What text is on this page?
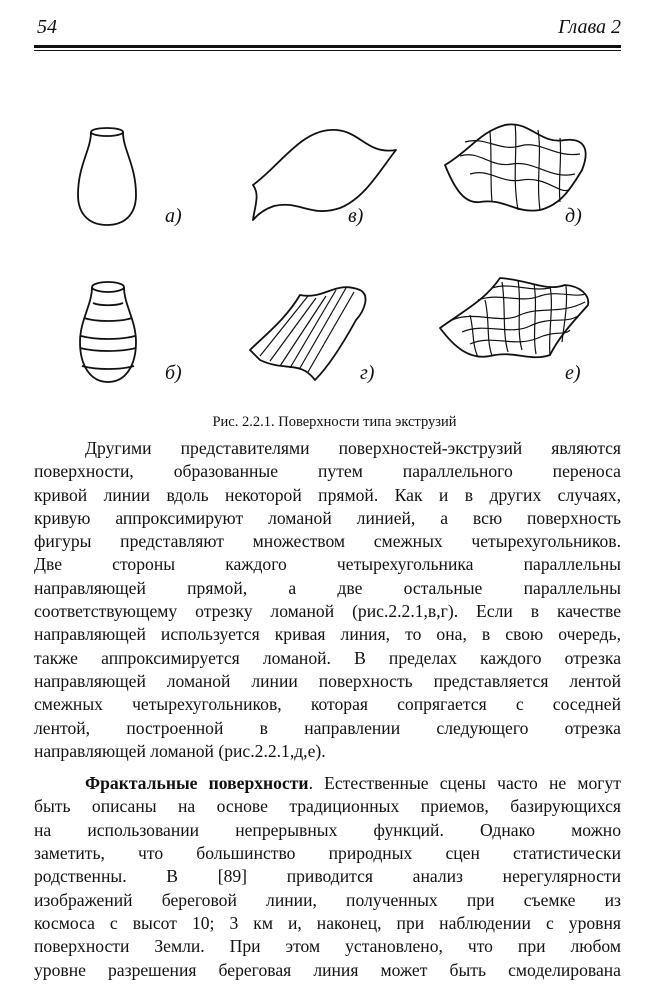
54	Глава 2
а)
б)
в)
г)
д)
е)
Рис. 2.2.1. Поверхности типа экструзий

Другими представителями поверхностей-экструзий являются

поверхности, образованные путем параллельного переноса

кривой линии вдоль некоторой прямой. Как и в других случаях,

кривую аппроксимируют ломаной линией, а всю поверхность

фигуры представляют множеством смежных четырехугольников.

Две стороны каждого четырехугольника параллельны

направляющей прямой, а две остальные параллельны

соответствующему отрезку ломаной (рис.2.2.1,в,г). Если в качестве

направляющей используется кривая линия, то она, в свою очередь,

также аппроксимируется ломаной. В пределах каждого отрезка

направляющей ломаной линии поверхность представляется лентой

смежных четырехугольников, которая сопрягается с соседней

лентой, построенной в направлении следующего отрезка

направляющей ломаной (рис.2.2.1,д,е).

Фрактальные поверхности. Естественные сцены часто не могут

быть описаны на основе традиционных приемов, базирующихся

на использовании непрерывных функций. Однако можно

заметить, что большинство природных сцен статистически

родственны. В [89] приводится анализ нерегулярности

изображений береговой линии, полученных при съемке из

космоса с высот 10; 3 км и, наконец, при наблюдении с уровня

поверхности Земли. При этом установлено, что при любом

уровне разрешения береговая линия может быть смоделирована
